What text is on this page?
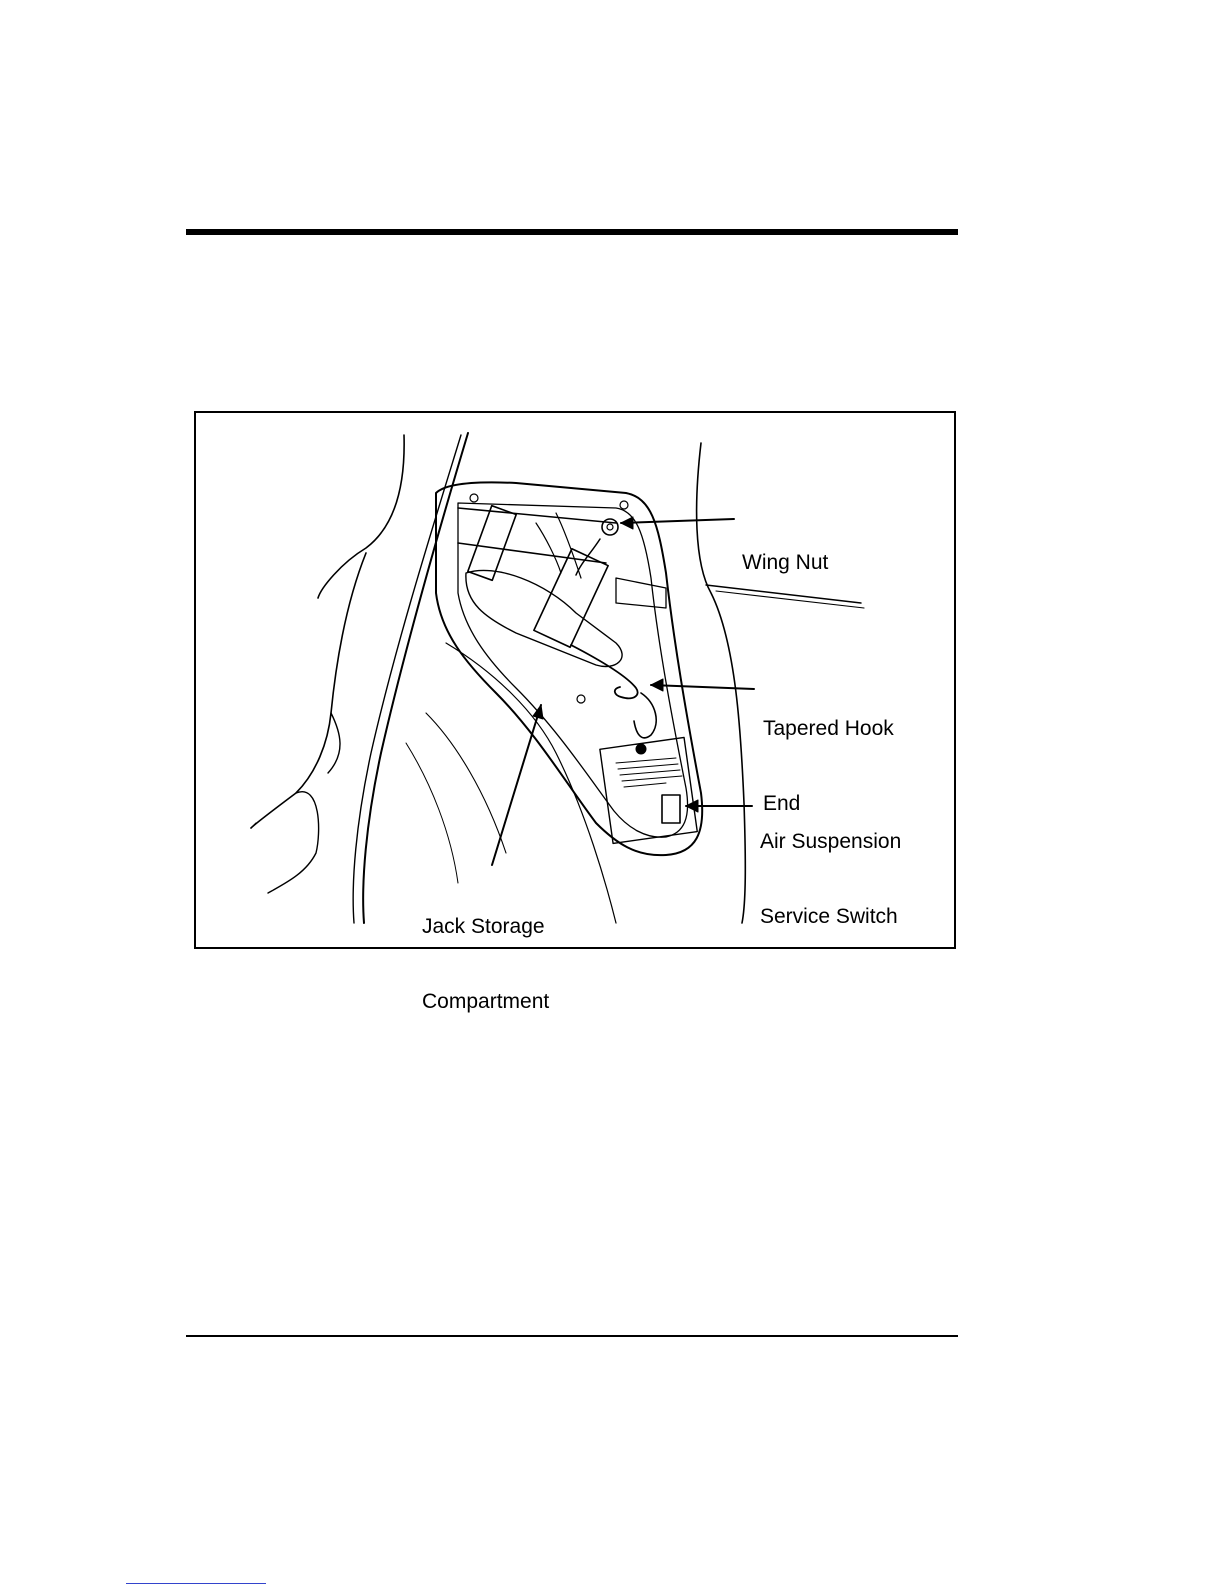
Wing Nut

Tapered Hook

End

Air Suspension

Service Switch

Jack Storage

Compartment
